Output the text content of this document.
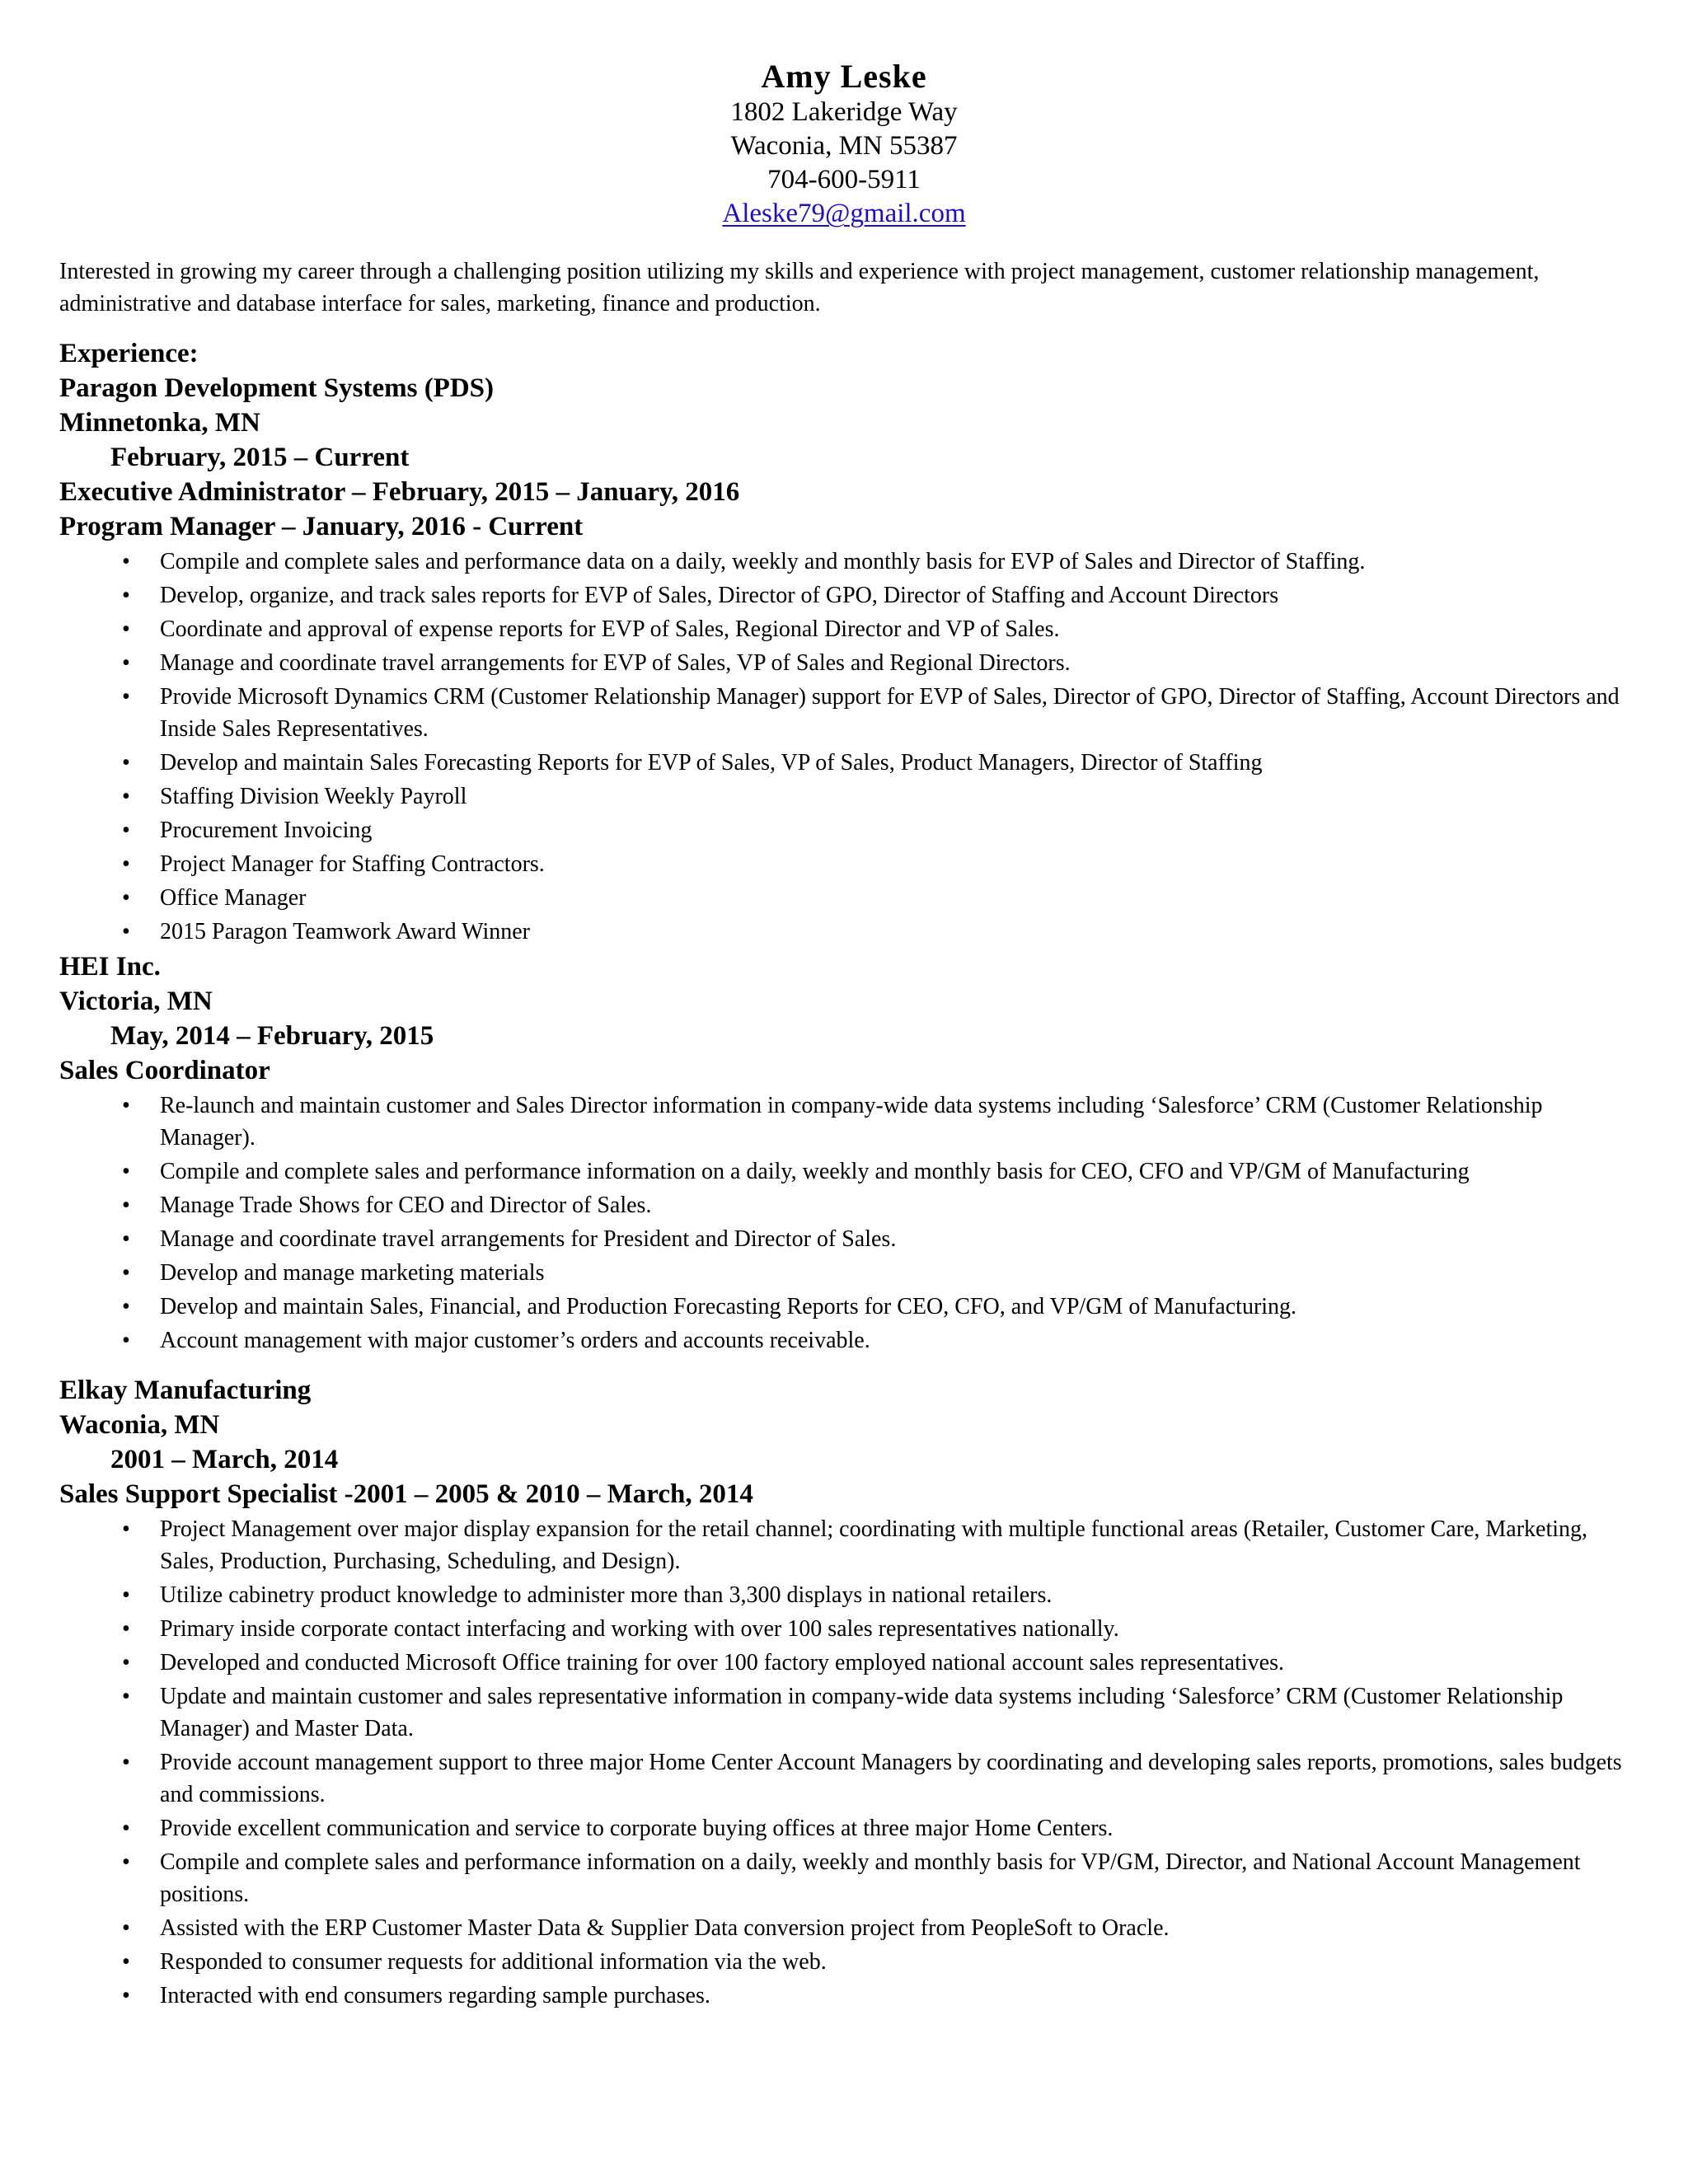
Amy Leske
1802 Lakeridge Way
Waconia, MN 55387
704-600-5911
Aleske79@gmail.com

Interested in growing my career through a challenging position utilizing my skills and experience with project management, customer relationship management, administrative and database interface for sales, marketing, finance and production.

Experience:
Paragon Development Systems (PDS)
Minnetonka, MN
February, 2015 – Current
Executive Administrator – February, 2015 – January, 2016
Program Manager – January, 2016 - Current
• Compile and complete sales and performance data on a daily, weekly and monthly basis for EVP of Sales and Director of Staffing.
• Develop, organize, and track sales reports for EVP of Sales, Director of GPO, Director of Staffing and Account Directors
• Coordinate and approval of expense reports for EVP of Sales, Regional Director and VP of Sales.
• Manage and coordinate travel arrangements for EVP of Sales, VP of Sales and Regional Directors.
• Provide Microsoft Dynamics CRM (Customer Relationship Manager) support for EVP of Sales, Director of GPO, Director of Staffing, Account Directors and Inside Sales Representatives.
• Develop and maintain Sales Forecasting Reports for EVP of Sales, VP of Sales, Product Managers, Director of Staffing
• Staffing Division Weekly Payroll
• Procurement Invoicing
• Project Manager for Staffing Contractors.
• Office Manager
• 2015 Paragon Teamwork Award Winner
HEI Inc.
Victoria, MN
May, 2014 – February, 2015
Sales Coordinator
• Re-launch and maintain customer and Sales Director information in company-wide data systems including ‘Salesforce’ CRM (Customer Relationship Manager).
• Compile and complete sales and performance information on a daily, weekly and monthly basis for CEO, CFO and VP/GM of Manufacturing
• Manage Trade Shows for CEO and Director of Sales.
• Manage and coordinate travel arrangements for President and Director of Sales.
• Develop and manage marketing materials
• Develop and maintain Sales, Financial, and Production Forecasting Reports for CEO, CFO, and VP/GM of Manufacturing.
• Account management with major customer’s orders and accounts receivable.
Elkay Manufacturing
Waconia, MN
2001 – March, 2014
Sales Support Specialist -2001 – 2005 & 2010 – March, 2014
• Project Management over major display expansion for the retail channel; coordinating with multiple functional areas (Retailer, Customer Care, Marketing, Sales, Production, Purchasing, Scheduling, and Design).
• Utilize cabinetry product knowledge to administer more than 3,300 displays in national retailers.
• Primary inside corporate contact interfacing and working with over 100 sales representatives nationally.
• Developed and conducted Microsoft Office training for over 100 factory employed national account sales representatives.
• Update and maintain customer and sales representative information in company-wide data systems including ‘Salesforce’ CRM (Customer Relationship Manager) and Master Data.
• Provide account management support to three major Home Center Account Managers by coordinating and developing sales reports, promotions, sales budgets and commissions.
• Provide excellent communication and service to corporate buying offices at three major Home Centers.
• Compile and complete sales and performance information on a daily, weekly and monthly basis for VP/GM, Director, and National Account Management positions.
• Assisted with the ERP Customer Master Data & Supplier Data conversion project from PeopleSoft to Oracle.
• Responded to consumer requests for additional information via the web.
• Interacted with end consumers regarding sample purchases.
